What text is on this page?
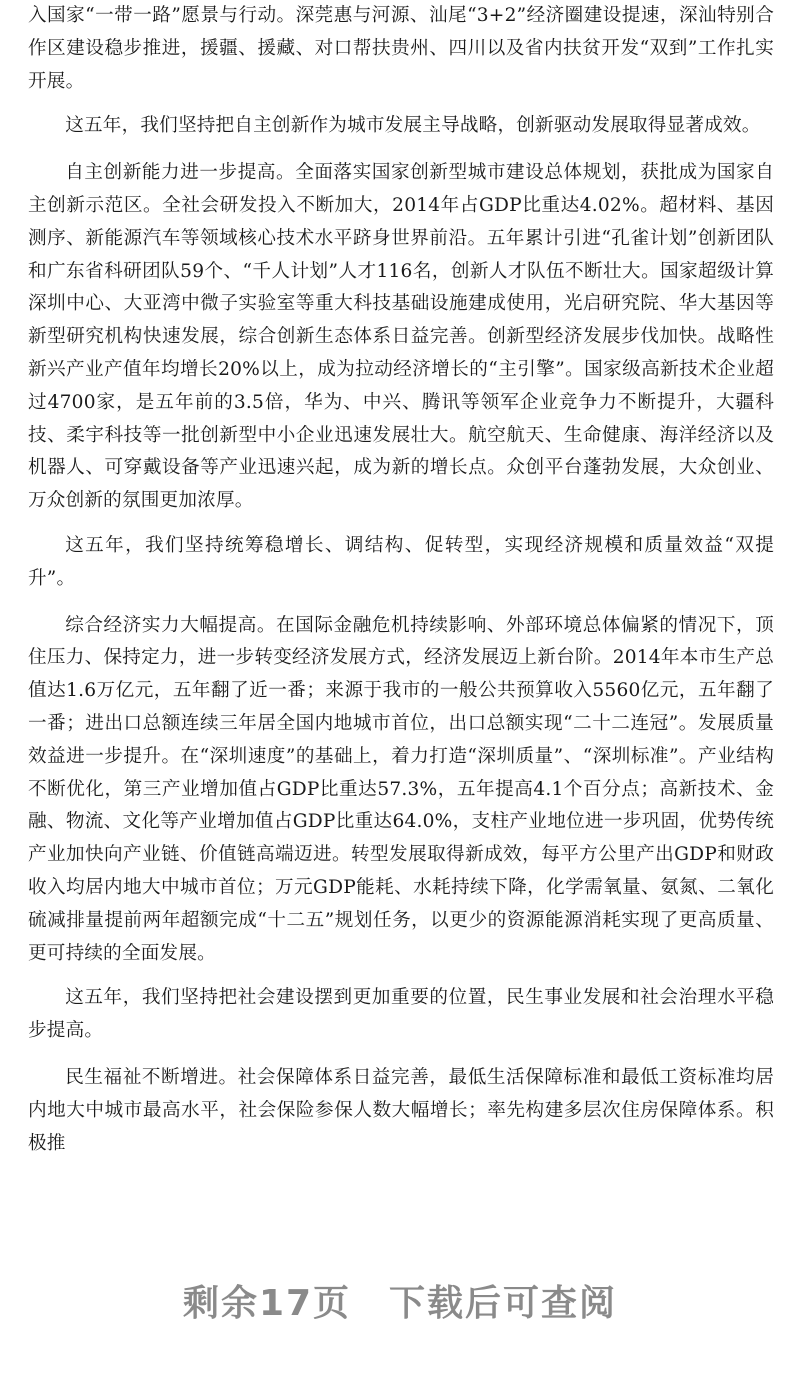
入国家“一带一路”愿景与行动。深莞惠与河源、汕尾“3+2”经济圈建设提速，深汕特别合作区建设稳步推进，援疆、援藏、对口帮扶贵州、四川以及省内扶贫开发“双到”工作扎实开展。

这五年，我们坚持把自主创新作为城市发展主导战略，创新驱动发展取得显著成效。

自主创新能力进一步提高。全面落实国家创新型城市建设总体规划，获批成为国家自主创新示范区。全社会研发投入不断加大，2014年占GDP比重达4.02%。超材料、基因测序、新能源汽车等领域核心技术水平跻身世界前沿。五年累计引进“孔雀计划”创新团队和广东省科研团队59个、“千人计划”人才116名，创新人才队伍不断壮大。国家超级计算深圳中心、大亚湾中微子实验室等重大科技基础设施建成使用，光启研究院、华大基因等新型研究机构快速发展，综合创新生态体系日益完善。创新型经济发展步伐加快。战略性新兴产业产值年均增长20%以上，成为拉动经济增长的“主引擎”。国家级高新技术企业超过4700家，是五年前的3.5倍，华为、中兴、腾讯等领军企业竞争力不断提升，大疆科技、柔宇科技等一批创新型中小企业迅速发展壮大。航空航天、生命健康、海洋经济以及机器人、可穿戴设备等产业迅速兴起，成为新的增长点。众创平台蓬勃发展，大众创业、万众创新的氛围更加浓厚。

这五年，我们坚持统筹稳增长、调结构、促转型，实现经济规模和质量效益“双提升”。

综合经济实力大幅提高。在国际金融危机持续影响、外部环境总体偏紧的情况下，顶住压力、保持定力，进一步转变经济发展方式，经济发展迈上新台阶。2014年本市生产总值达1.6万亿元，五年翻了近一番；来源于我市的一般公共预算收入5560亿元，五年翻了一番；进出口总额连续三年居全国内地城市首位，出口总额实现“二十二连冠”。发展质量效益进一步提升。在“深圳速度”的基础上，着力打造“深圳质量”、“深圳标准”。产业结构不断优化，第三产业增加值占GDP比重达57.3%，五年提高4.1个百分点；高新技术、金融、物流、文化等产业增加值占GDP比重达64.0%，支柱产业地位进一步巩固，优势传统产业加快向产业链、价值链高端迈进。转型发展取得新成效，每平方公里产出GDP和财政收入均居内地大中城市首位；万元GDP能耗、水耗持续下降，化学需氧量、氨氮、二氧化硫减排量提前两年超额完成“十二五”规划任务，以更少的资源能源消耗实现了更高质量、更可持续的全面发展。

这五年，我们坚持把社会建设摆到更加重要的位置，民生事业发展和社会治理水平稳步提高。

民生福祉不断增进。社会保障体系日益完善，最低生活保障标准和最低工资标准均居内地大中城市最高水平，社会保险参保人数大幅增长；率先构建多层次住房保障体系。积极推

剩余17页　下载后可查阅
